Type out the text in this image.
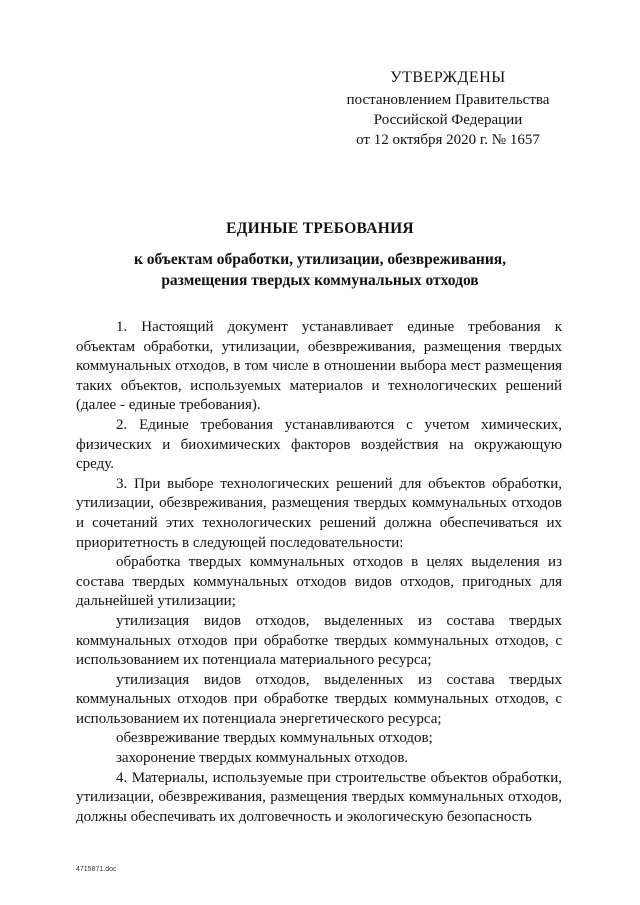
УТВЕРЖДЕНЫ
постановлением Правительства
Российской Федерации
от 12 октября 2020 г. № 1657
ЕДИНЫЕ ТРЕБОВАНИЯ
к объектам обработки, утилизации, обезвреживания,
размещения твердых коммунальных отходов

1. Настоящий документ устанавливает единые требования к объектам обработки, утилизации, обезвреживания, размещения твердых коммунальных отходов, в том числе в отношении выбора мест размещения таких объектов, используемых материалов и технологических решений (далее - единые требования).

2. Единые требования устанавливаются с учетом химических, физических и биохимических факторов воздействия на окружающую среду.

3. При выборе технологических решений для объектов обработки, утилизации, обезвреживания, размещения твердых коммунальных отходов и сочетаний этих технологических решений должна обеспечиваться их приоритетность в следующей последовательности:

обработка твердых коммунальных отходов в целях выделения из состава твердых коммунальных отходов видов отходов, пригодных для дальнейшей утилизации;

утилизация видов отходов, выделенных из состава твердых коммунальных отходов при обработке твердых коммунальных отходов, с использованием их потенциала материального ресурса;

утилизация видов отходов, выделенных из состава твердых коммунальных отходов при обработке твердых коммунальных отходов, с использованием их потенциала энергетического ресурса;

обезвреживание твердых коммунальных отходов;

захоронение твердых коммунальных отходов.

4. Материалы, используемые при строительстве объектов обработки, утилизации, обезвреживания, размещения твердых коммунальных отходов, должны обеспечивать их долговечность и экологическую безопасность

4715871.doc
